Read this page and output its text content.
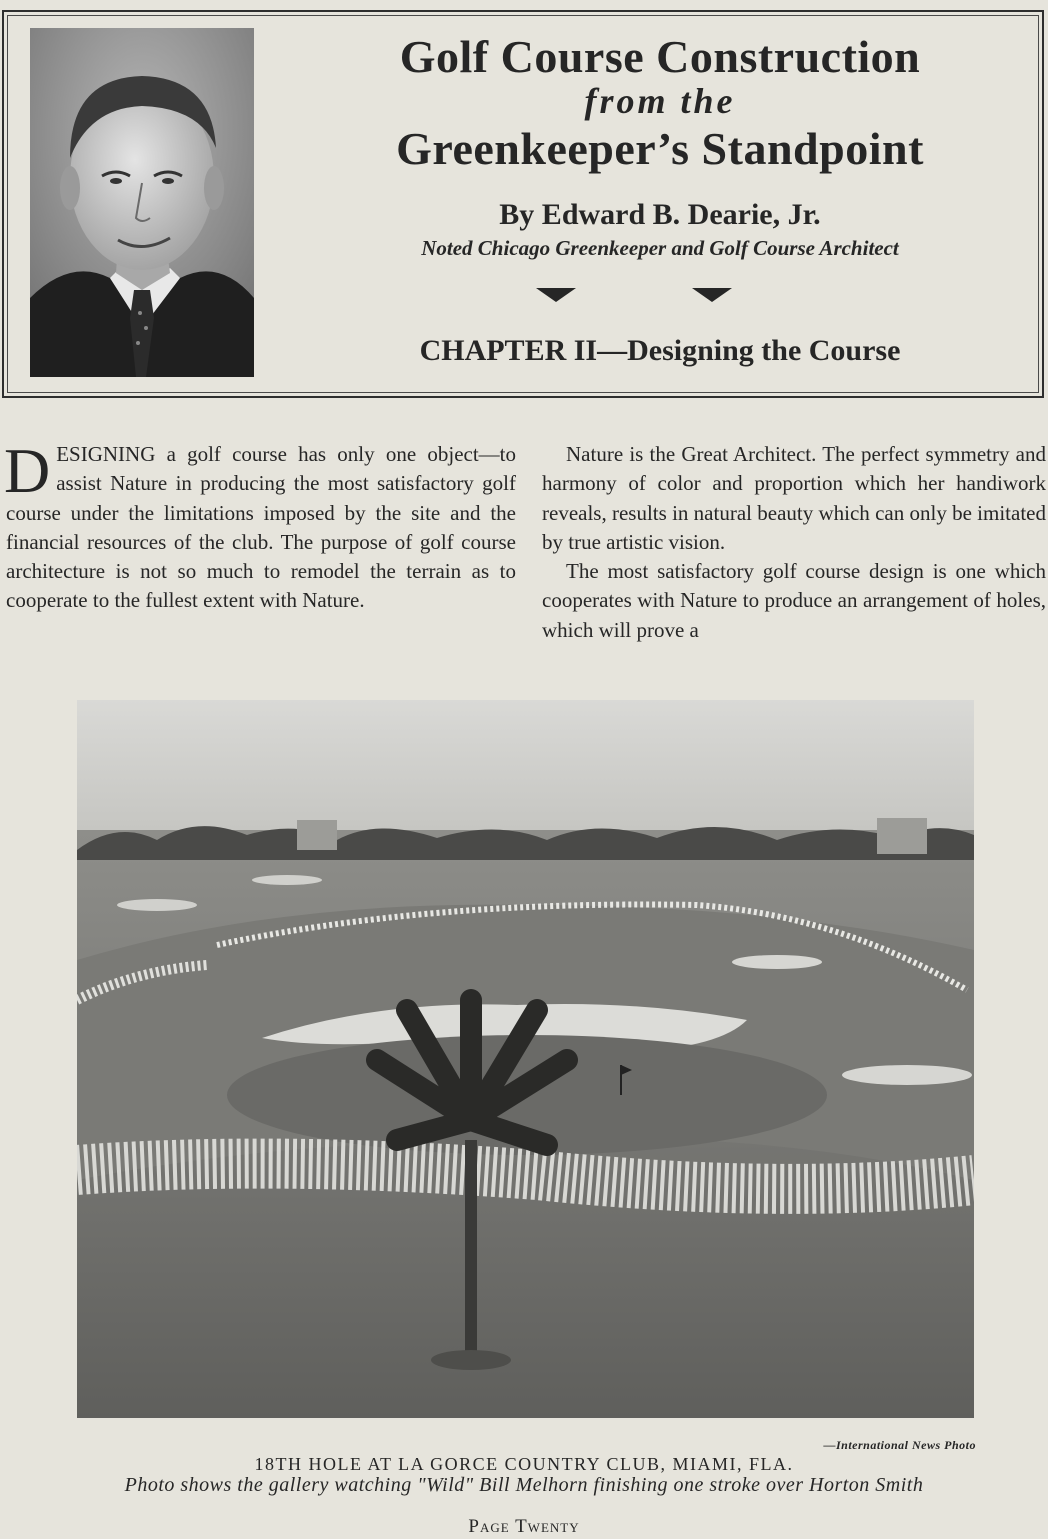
Golf Course Construction
from the
Greenkeeper’s Standpoint
By Edward B. Dearie, Jr.
Noted Chicago Greenkeeper and Golf Course Architect
CHAPTER II—Designing the Course

DESIGNING a golf course has only one object—to assist Nature in producing the most satisfactory golf course under the limitations imposed by the site and the financial resources of the club. The purpose of golf course architecture is not so much to remodel the terrain as to cooperate to the fullest extent with Nature.

Nature is the Great Architect. The perfect symmetry and harmony of color and proportion which her handiwork reveals, results in natural beauty which can only be imitated by true artistic vision.

The most satisfactory golf course design is one which cooperates with Nature to produce an arrangement of holes, which will prove a

—International News Photo
18TH HOLE AT LA GORCE COUNTRY CLUB, MIAMI, FLA.
Photo shows the gallery watching "Wild" Bill Melhorn finishing one stroke over Horton Smith
Page Twenty
